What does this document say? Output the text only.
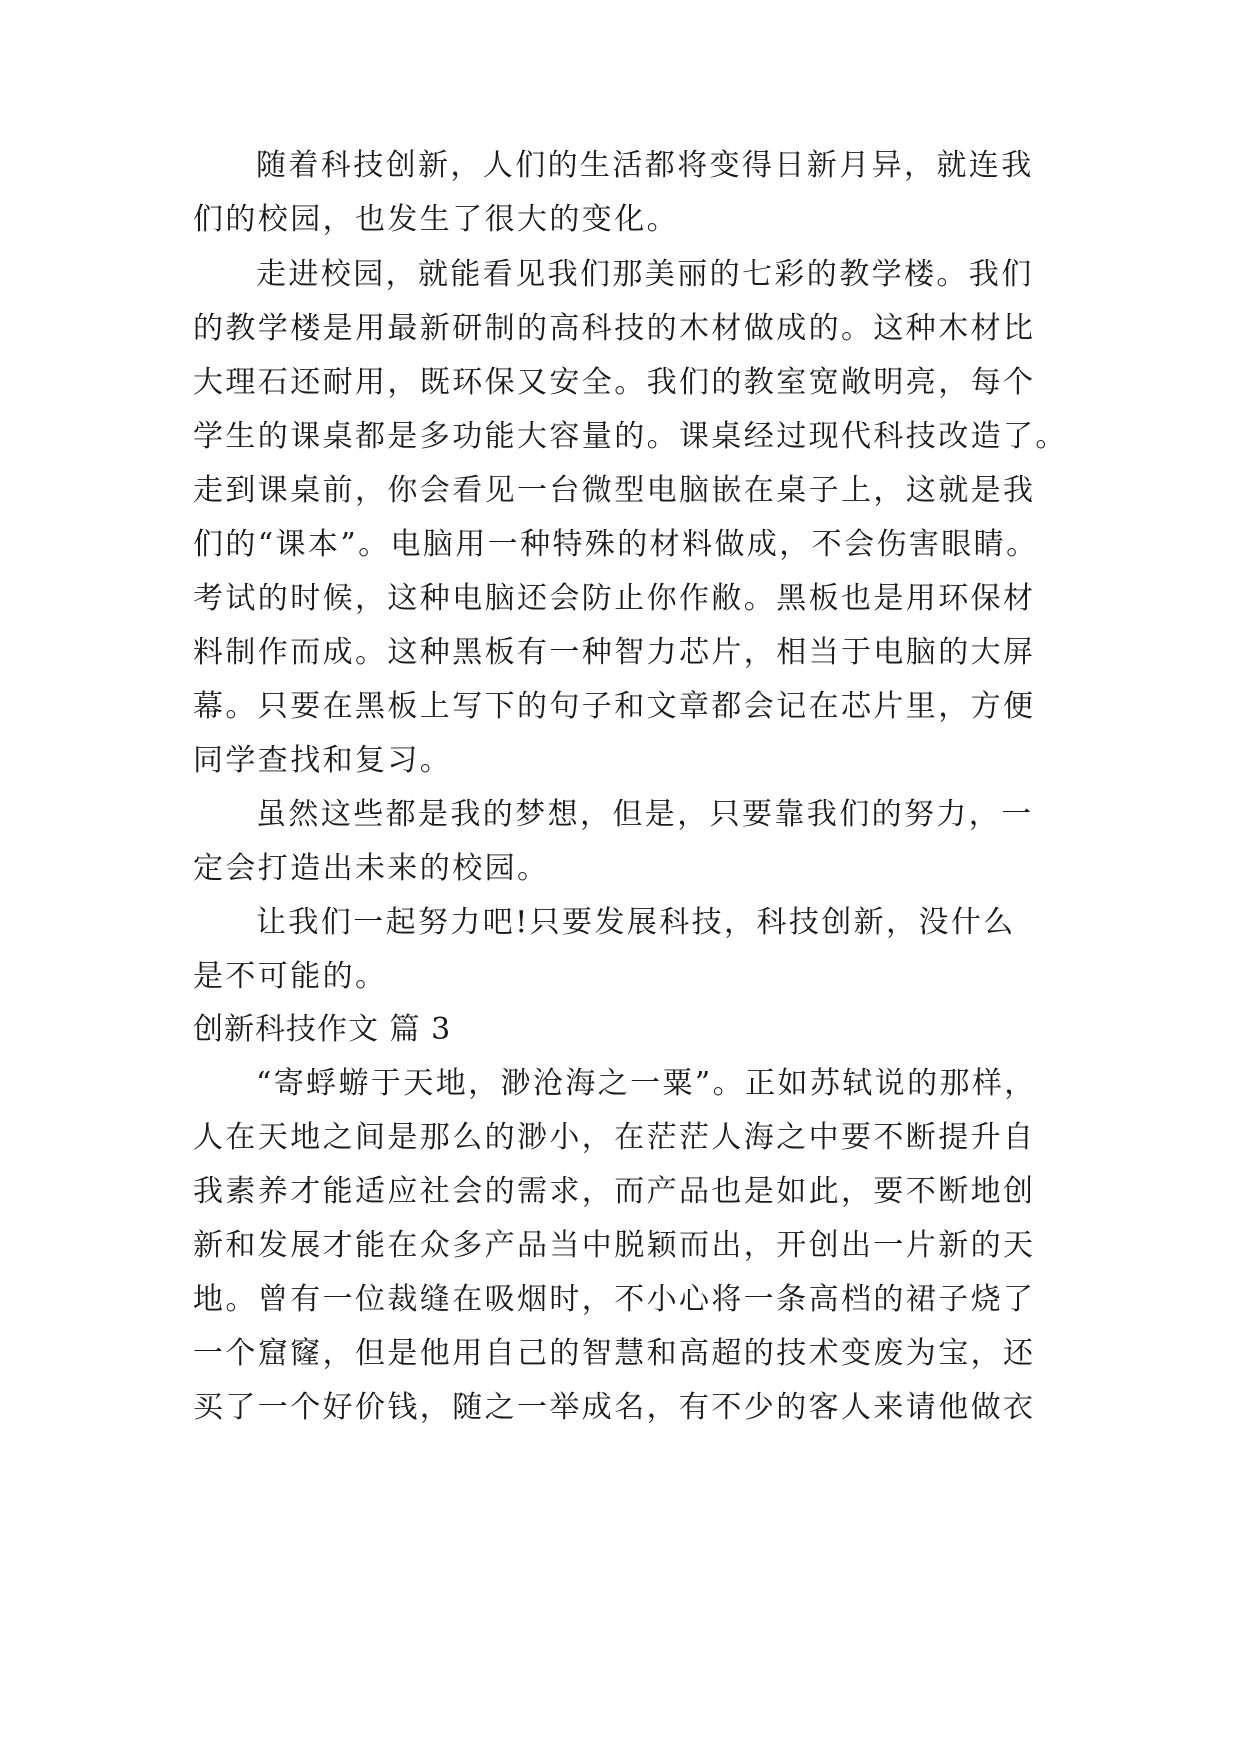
随着科技创新，人们的生活都将变得日新月异，就连我
们的校园，也发生了很大的变化。
走进校园，就能看见我们那美丽的七彩的教学楼。我们
的教学楼是用最新研制的高科技的木材做成的。这种木材比
大理石还耐用，既环保又安全。我们的教室宽敞明亮，每个
学生的课桌都是多功能大容量的。课桌经过现代科技改造了。
走到课桌前，你会看见一台微型电脑嵌在桌子上，这就是我
们的“课本”。电脑用一种特殊的材料做成，不会伤害眼睛。
考试的时候，这种电脑还会防止你作敝。黑板也是用环保材
料制作而成。这种黑板有一种智力芯片，相当于电脑的大屏
幕。只要在黑板上写下的句子和文章都会记在芯片里，方便
同学查找和复习。
虽然这些都是我的梦想，但是，只要靠我们的努力，一
定会打造出未来的校园。
让我们一起努力吧!只要发展科技，科技创新，没什么
是不可能的。
创新科技作文 篇 3
“寄蜉蝣于天地，渺沧海之一粟”。正如苏轼说的那样，
人在天地之间是那么的渺小，在茫茫人海之中要不断提升自
我素养才能适应社会的需求，而产品也是如此，要不断地创
新和发展才能在众多产品当中脱颖而出，开创出一片新的天
地。曾有一位裁缝在吸烟时，不小心将一条高档的裙子烧了
一个窟窿，但是他用自己的智慧和高超的技术变废为宝，还
买了一个好价钱，随之一举成名，有不少的客人来请他做衣
